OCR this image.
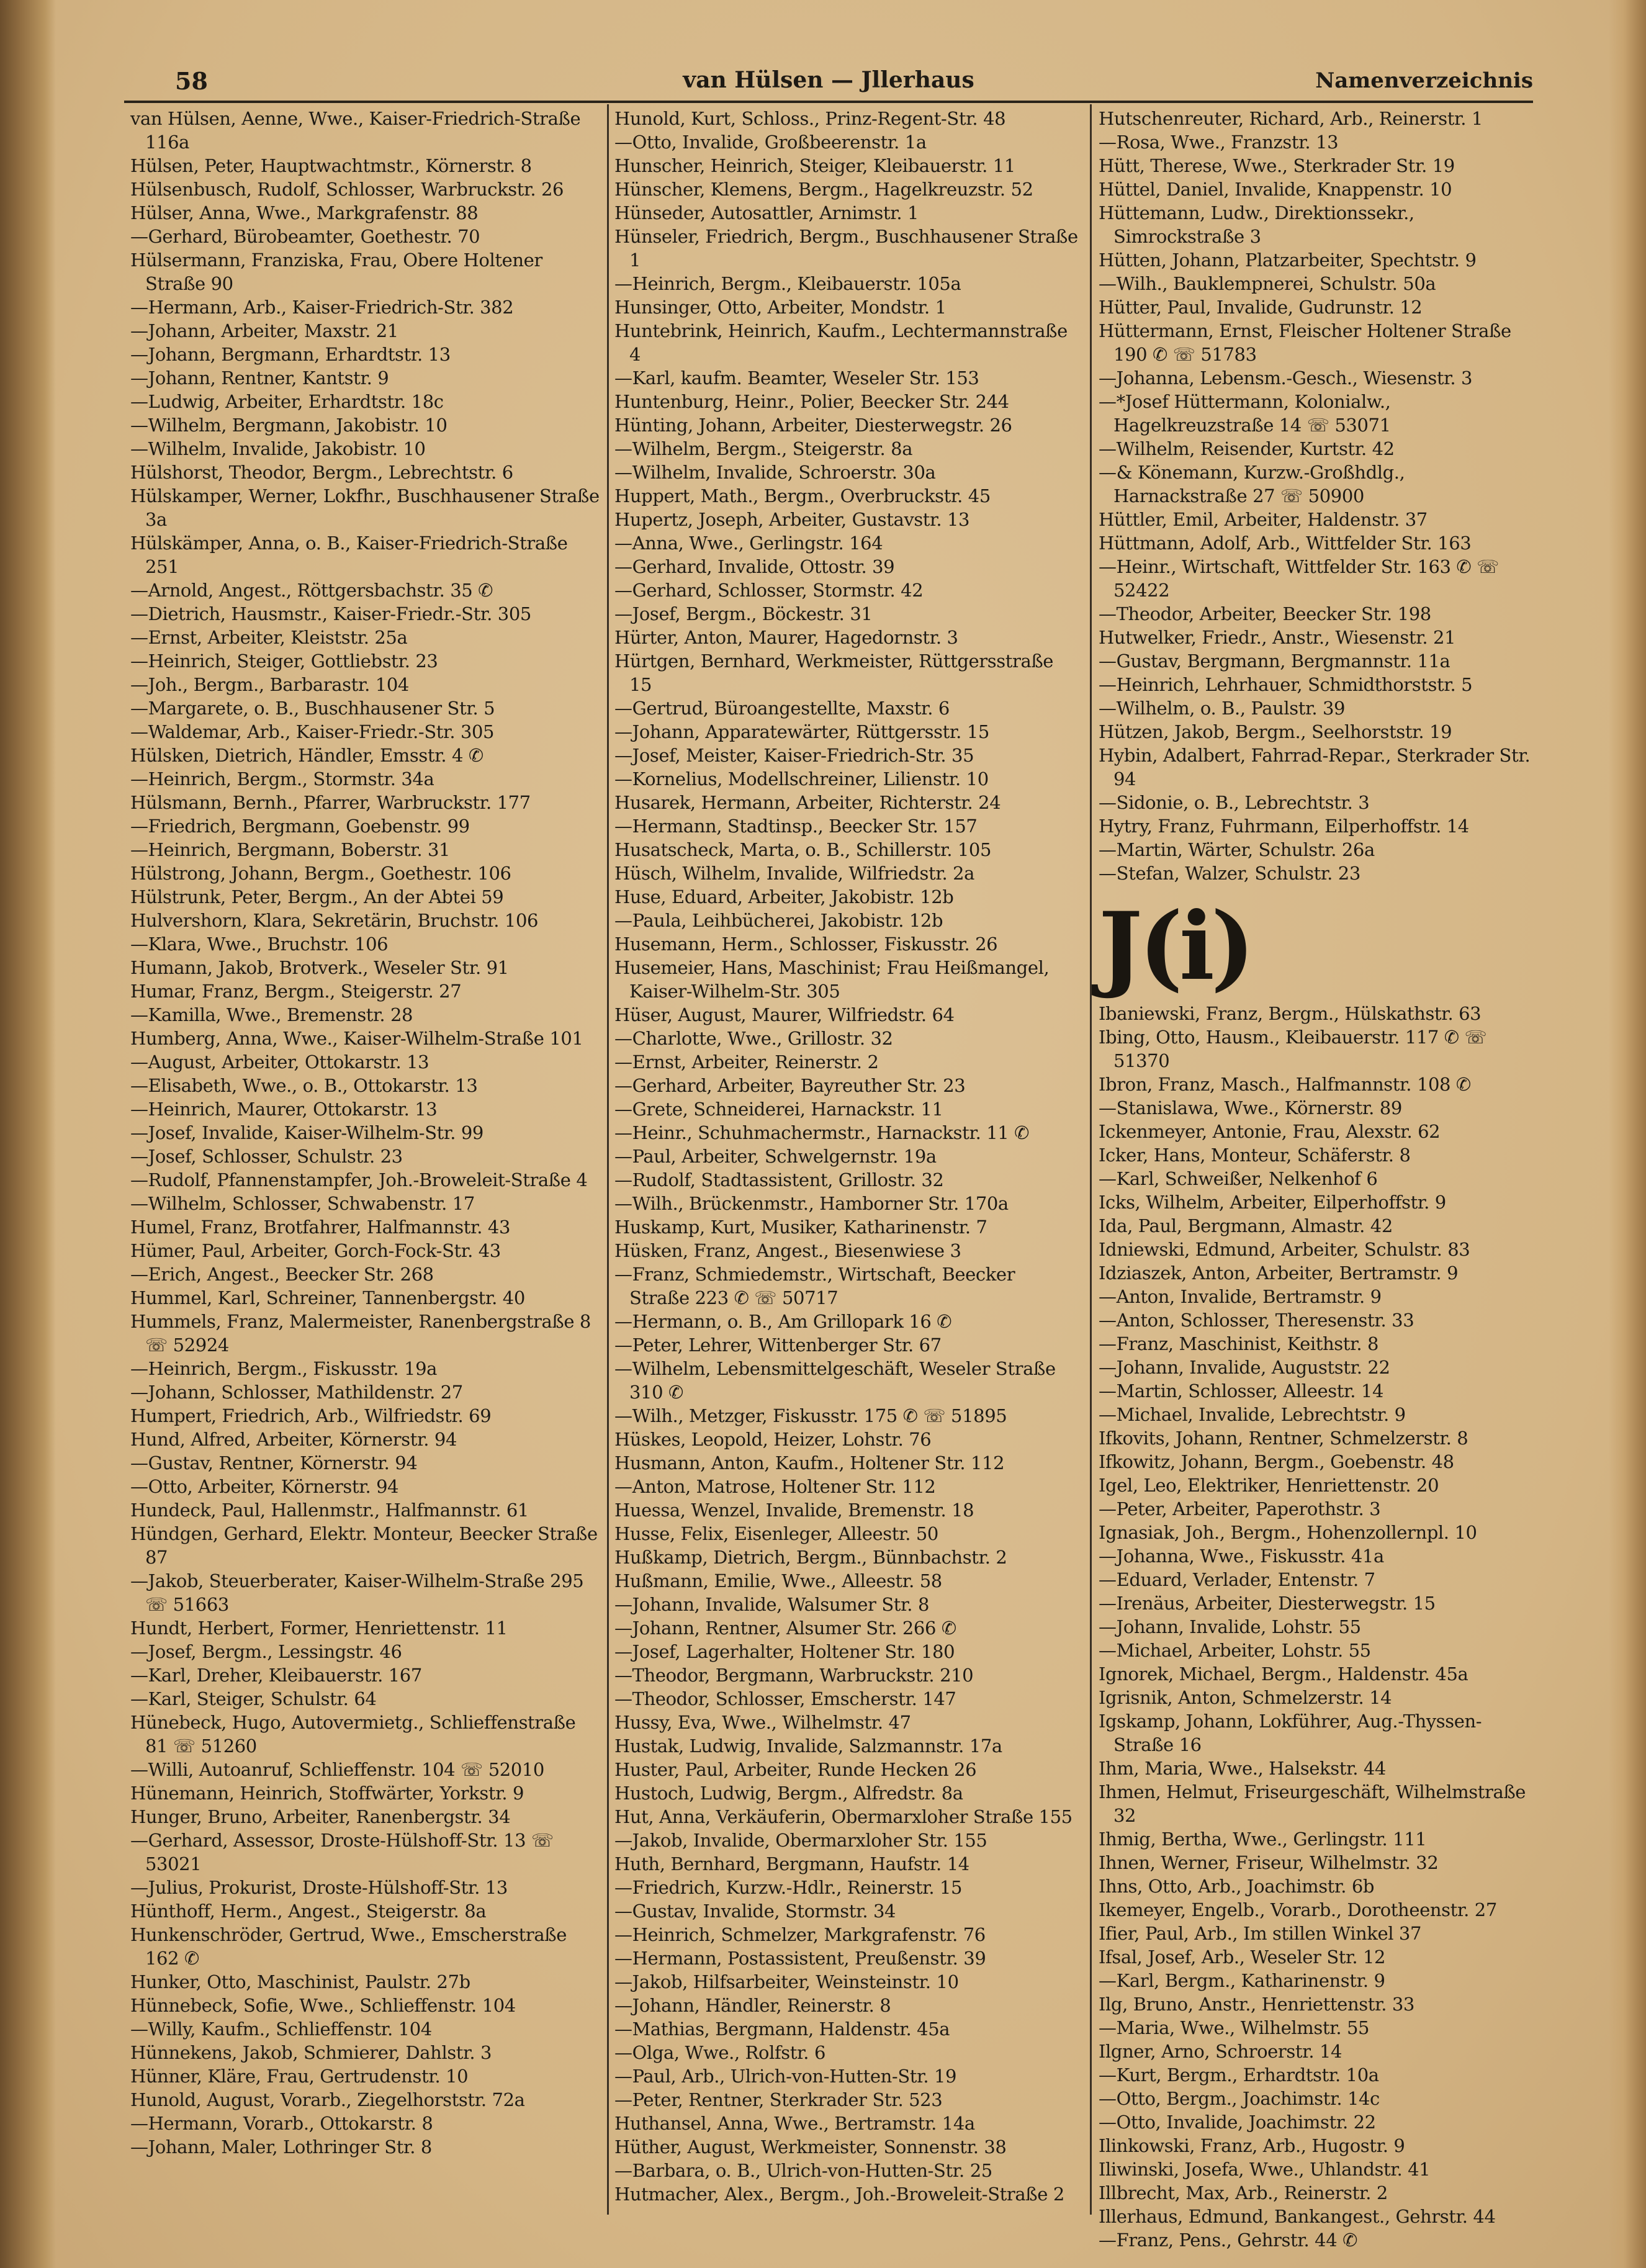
58	van Hülsen — Jllerhaus	Namenverzeichnis
van Hülsen, Aenne, Wwe., Kaiser-Friedrich-Straße 116a
Hülsen, Peter, Hauptwachtmstr., Körnerstr. 8
Hülsenbusch, Rudolf, Schlosser, Warbruckstr. 26
Hülser, Anna, Wwe., Markgrafenstr. 88
—Gerhard, Bürobeamter, Goethestr. 70
Hülsermann, Franziska, Frau, Obere Holtener Straße 90
—Hermann, Arb., Kaiser-Friedrich-Str. 382
—Johann, Arbeiter, Maxstr. 21
—Johann, Bergmann, Erhardtstr. 13
—Johann, Rentner, Kantstr. 9
—Ludwig, Arbeiter, Erhardtstr. 18c
—Wilhelm, Bergmann, Jakobistr. 10
—Wilhelm, Invalide, Jakobistr. 10
Hülshorst, Theodor, Bergm., Lebrechtstr. 6
Hülskamper, Werner, Lokfhr., Buschhausener Straße 3a
Hülskämper, Anna, o. B., Kaiser-Friedrich-Straße 251
—Arnold, Angest., Röttgersbachstr. 35 ✆
—Dietrich, Hausmstr., Kaiser-Friedr.-Str. 305
—Ernst, Arbeiter, Kleiststr. 25a
—Heinrich, Steiger, Gottliebstr. 23
—Joh., Bergm., Barbarastr. 104
—Margarete, o. B., Buschhausener Str. 5
—Waldemar, Arb., Kaiser-Friedr.-Str. 305
Hülsken, Dietrich, Händler, Emsstr. 4 ✆
—Heinrich, Bergm., Stormstr. 34a
Hülsmann, Bernh., Pfarrer, Warbruckstr. 177
—Friedrich, Bergmann, Goebenstr. 99
—Heinrich, Bergmann, Boberstr. 31
Hülstrong, Johann, Bergm., Goethestr. 106
Hülstrunk, Peter, Bergm., An der Abtei 59
Hulvershorn, Klara, Sekretärin, Bruchstr. 106
—Klara, Wwe., Bruchstr. 106
Humann, Jakob, Brotverk., Weseler Str. 91
Humar, Franz, Bergm., Steigerstr. 27
—Kamilla, Wwe., Bremenstr. 28
Humberg, Anna, Wwe., Kaiser-Wilhelm-Straße 101
—August, Arbeiter, Ottokarstr. 13
—Elisabeth, Wwe., o. B., Ottokarstr. 13
—Heinrich, Maurer, Ottokarstr. 13
—Josef, Invalide, Kaiser-Wilhelm-Str. 99
—Josef, Schlosser, Schulstr. 23
—Rudolf, Pfannenstampfer, Joh.-Broweleit-Straße 4
—Wilhelm, Schlosser, Schwabenstr. 17
Humel, Franz, Brotfahrer, Halfmannstr. 43
Hümer, Paul, Arbeiter, Gorch-Fock-Str. 43
—Erich, Angest., Beecker Str. 268
Hummel, Karl, Schreiner, Tannenbergstr. 40
Hummels, Franz, Malermeister, Ranenbergstraße 8 ☏ 52924
—Heinrich, Bergm., Fiskusstr. 19a
—Johann, Schlosser, Mathildenstr. 27
Humpert, Friedrich, Arb., Wilfriedstr. 69
Hund, Alfred, Arbeiter, Körnerstr. 94
—Gustav, Rentner, Körnerstr. 94
—Otto, Arbeiter, Körnerstr. 94
Hundeck, Paul, Hallenmstr., Halfmannstr. 61
Hündgen, Gerhard, Elektr. Monteur, Beecker Straße 87
—Jakob, Steuerberater, Kaiser-Wilhelm-Straße 295 ☏ 51663
Hundt, Herbert, Former, Henriettenstr. 11
—Josef, Bergm., Lessingstr. 46
—Karl, Dreher, Kleibauerstr. 167
—Karl, Steiger, Schulstr. 64
Hünebeck, Hugo, Autovermietg., Schlieffenstraße 81 ☏ 51260
—Willi, Autoanruf, Schlieffenstr. 104 ☏ 52010
Hünemann, Heinrich, Stoffwärter, Yorkstr. 9
Hunger, Bruno, Arbeiter, Ranenbergstr. 34
—Gerhard, Assessor, Droste-Hülshoff-Str. 13 ☏ 53021
—Julius, Prokurist, Droste-Hülshoff-Str. 13
Hünthoff, Herm., Angest., Steigerstr. 8a
Hunkenschröder, Gertrud, Wwe., Emscherstraße 162 ✆
Hunker, Otto, Maschinist, Paulstr. 27b
Hünnebeck, Sofie, Wwe., Schlieffenstr. 104
—Willy, Kaufm., Schlieffenstr. 104
Hünnekens, Jakob, Schmierer, Dahlstr. 3
Hünner, Kläre, Frau, Gertrudenstr. 10
Hunold, August, Vorarb., Ziegelhorststr. 72a
—Hermann, Vorarb., Ottokarstr. 8
—Johann, Maler, Lothringer Str. 8
Hunold, Kurt, Schloss., Prinz-Regent-Str. 48
—Otto, Invalide, Großbeerenstr. 1a
Hunscher, Heinrich, Steiger, Kleibauerstr. 11
Hünscher, Klemens, Bergm., Hagelkreuzstr. 52
Hünseder, Autosattler, Arnimstr. 1
Hünseler, Friedrich, Bergm., Buschhausener Straße 1
—Heinrich, Bergm., Kleibauerstr. 105a
Hunsinger, Otto, Arbeiter, Mondstr. 1
Huntebrink, Heinrich, Kaufm., Lechtermannstraße 4
—Karl, kaufm. Beamter, Weseler Str. 153
Huntenburg, Heinr., Polier, Beecker Str. 244
Hünting, Johann, Arbeiter, Diesterwegstr. 26
—Wilhelm, Bergm., Steigerstr. 8a
—Wilhelm, Invalide, Schroerstr. 30a
Huppert, Math., Bergm., Overbruckstr. 45
Hupertz, Joseph, Arbeiter, Gustavstr. 13
—Anna, Wwe., Gerlingstr. 164
—Gerhard, Invalide, Ottostr. 39
—Gerhard, Schlosser, Stormstr. 42
—Josef, Bergm., Böckestr. 31
Hürter, Anton, Maurer, Hagedornstr. 3
Hürtgen, Bernhard, Werkmeister, Rüttgersstraße 15
—Gertrud, Büroangestellte, Maxstr. 6
—Johann, Apparatewärter, Rüttgersstr. 15
—Josef, Meister, Kaiser-Friedrich-Str. 35
—Kornelius, Modellschreiner, Lilienstr. 10
Husarek, Hermann, Arbeiter, Richterstr. 24
—Hermann, Stadtinsp., Beecker Str. 157
Husatscheck, Marta, o. B., Schillerstr. 105
Hüsch, Wilhelm, Invalide, Wilfriedstr. 2a
Huse, Eduard, Arbeiter, Jakobistr. 12b
—Paula, Leihbücherei, Jakobistr. 12b
Husemann, Herm., Schlosser, Fiskusstr. 26
Husemeier, Hans, Maschinist; Frau Heißmangel, Kaiser-Wilhelm-Str. 305
Hüser, August, Maurer, Wilfriedstr. 64
—Charlotte, Wwe., Grillostr. 32
—Ernst, Arbeiter, Reinerstr. 2
—Gerhard, Arbeiter, Bayreuther Str. 23
—Grete, Schneiderei, Harnackstr. 11
—Heinr., Schuhmachermstr., Harnackstr. 11 ✆
—Paul, Arbeiter, Schwelgernstr. 19a
—Rudolf, Stadtassistent, Grillostr. 32
—Wilh., Brückenmstr., Hamborner Str. 170a
Huskamp, Kurt, Musiker, Katharinenstr. 7
Hüsken, Franz, Angest., Biesenwiese 3
—Franz, Schmiedemstr., Wirtschaft, Beecker Straße 223 ✆ ☏ 50717
—Hermann, o. B., Am Grillopark 16 ✆
—Peter, Lehrer, Wittenberger Str. 67
—Wilhelm, Lebensmittelgeschäft, Weseler Straße 310 ✆
—Wilh., Metzger, Fiskusstr. 175 ✆ ☏ 51895
Hüskes, Leopold, Heizer, Lohstr. 76
Husmann, Anton, Kaufm., Holtener Str. 112
—Anton, Matrose, Holtener Str. 112
Huessa, Wenzel, Invalide, Bremenstr. 18
Husse, Felix, Eisenleger, Alleestr. 50
Hußkamp, Dietrich, Bergm., Bünnbachstr. 2
Hußmann, Emilie, Wwe., Alleestr. 58
—Johann, Invalide, Walsumer Str. 8
—Johann, Rentner, Alsumer Str. 266 ✆
—Josef, Lagerhalter, Holtener Str. 180
—Theodor, Bergmann, Warbruckstr. 210
—Theodor, Schlosser, Emscherstr. 147
Hussy, Eva, Wwe., Wilhelmstr. 47
Hustak, Ludwig, Invalide, Salzmannstr. 17a
Huster, Paul, Arbeiter, Runde Hecken 26
Hustoch, Ludwig, Bergm., Alfredstr. 8a
Hut, Anna, Verkäuferin, Obermarxloher Straße 155
—Jakob, Invalide, Obermarxloher Str. 155
Huth, Bernhard, Bergmann, Haufstr. 14
—Friedrich, Kurzw.-Hdlr., Reinerstr. 15
—Gustav, Invalide, Stormstr. 34
—Heinrich, Schmelzer, Markgrafenstr. 76
—Hermann, Postassistent, Preußenstr. 39
—Jakob, Hilfsarbeiter, Weinsteinstr. 10
—Johann, Händler, Reinerstr. 8
—Mathias, Bergmann, Haldenstr. 45a
—Olga, Wwe., Rolfstr. 6
—Paul, Arb., Ulrich-von-Hutten-Str. 19
—Peter, Rentner, Sterkrader Str. 523
Huthansel, Anna, Wwe., Bertramstr. 14a
Hüther, August, Werkmeister, Sonnenstr. 38
—Barbara, o. B., Ulrich-von-Hutten-Str. 25
Hutmacher, Alex., Bergm., Joh.-Broweleit-Straße 2
Hutschenreuter, Richard, Arb., Reinerstr. 1
—Rosa, Wwe., Franzstr. 13
Hütt, Therese, Wwe., Sterkrader Str. 19
Hüttel, Daniel, Invalide, Knappenstr. 10
Hüttemann, Ludw., Direktionssekr., Simrockstraße 3
Hütten, Johann, Platzarbeiter, Spechtstr. 9
—Wilh., Bauklempnerei, Schulstr. 50a
Hütter, Paul, Invalide, Gudrunstr. 12
Hüttermann, Ernst, Fleischer Holtener Straße 190 ✆ ☏ 51783
—Johanna, Lebensm.-Gesch., Wiesenstr. 3
—*Josef Hüttermann, Kolonialw., Hagelkreuzstraße 14 ☏ 53071
—Wilhelm, Reisender, Kurtstr. 42
—& Könemann, Kurzw.-Großhdlg., Harnackstraße 27 ☏ 50900
Hüttler, Emil, Arbeiter, Haldenstr. 37
Hüttmann, Adolf, Arb., Wittfelder Str. 163
—Heinr., Wirtschaft, Wittfelder Str. 163 ✆ ☏ 52422
—Theodor, Arbeiter, Beecker Str. 198
Hutwelker, Friedr., Anstr., Wiesenstr. 21
—Gustav, Bergmann, Bergmannstr. 11a
—Heinrich, Lehrhauer, Schmidthorststr. 5
—Wilhelm, o. B., Paulstr. 39
Hützen, Jakob, Bergm., Seelhorststr. 19
Hybin, Adalbert, Fahrrad-Repar., Sterkrader Str. 94
—Sidonie, o. B., Lebrechtstr. 3
Hytry, Franz, Fuhrmann, Eilperhoffstr. 14
—Martin, Wärter, Schulstr. 26a
—Stefan, Walzer, Schulstr. 23
J(i)
Ibaniewski, Franz, Bergm., Hülskathstr. 63
Ibing, Otto, Hausm., Kleibauerstr. 117 ✆ ☏ 51370
Ibron, Franz, Masch., Halfmannstr. 108 ✆
—Stanislawa, Wwe., Körnerstr. 89
Ickenmeyer, Antonie, Frau, Alexstr. 62
Icker, Hans, Monteur, Schäferstr. 8
—Karl, Schweißer, Nelkenhof 6
Icks, Wilhelm, Arbeiter, Eilperhoffstr. 9
Ida, Paul, Bergmann, Almastr. 42
Idniewski, Edmund, Arbeiter, Schulstr. 83
Idziaszek, Anton, Arbeiter, Bertramstr. 9
—Anton, Invalide, Bertramstr. 9
—Anton, Schlosser, Theresenstr. 33
—Franz, Maschinist, Keithstr. 8
—Johann, Invalide, Auguststr. 22
—Martin, Schlosser, Alleestr. 14
—Michael, Invalide, Lebrechtstr. 9
Ifkovits, Johann, Rentner, Schmelzerstr. 8
Ifkowitz, Johann, Bergm., Goebenstr. 48
Igel, Leo, Elektriker, Henriettenstr. 20
—Peter, Arbeiter, Paperothstr. 3
Ignasiak, Joh., Bergm., Hohenzollernpl. 10
—Johanna, Wwe., Fiskusstr. 41a
—Eduard, Verlader, Entenstr. 7
—Irenäus, Arbeiter, Diesterwegstr. 15
—Johann, Invalide, Lohstr. 55
—Michael, Arbeiter, Lohstr. 55
Ignorek, Michael, Bergm., Haldenstr. 45a
Igrisnik, Anton, Schmelzerstr. 14
Igskamp, Johann, Lokführer, Aug.-Thyssen-Straße 16
Ihm, Maria, Wwe., Halsekstr. 44
Ihmen, Helmut, Friseurgeschäft, Wilhelmstraße 32
Ihmig, Bertha, Wwe., Gerlingstr. 111
Ihnen, Werner, Friseur, Wilhelmstr. 32
Ihns, Otto, Arb., Joachimstr. 6b
Ikemeyer, Engelb., Vorarb., Dorotheenstr. 27
Ifier, Paul, Arb., Im stillen Winkel 37
Ifsal, Josef, Arb., Weseler Str. 12
—Karl, Bergm., Katharinenstr. 9
Ilg, Bruno, Anstr., Henriettenstr. 33
—Maria, Wwe., Wilhelmstr. 55
Ilgner, Arno, Schroerstr. 14
—Kurt, Bergm., Erhardtstr. 10a
—Otto, Bergm., Joachimstr. 14c
—Otto, Invalide, Joachimstr. 22
Ilinkowski, Franz, Arb., Hugostr. 9
Iliwinski, Josefa, Wwe., Uhlandstr. 41
Illbrecht, Max, Arb., Reinerstr. 2
Illerhaus, Edmund, Bankangest., Gehrstr. 44
—Franz, Pens., Gehrstr. 44 ✆
